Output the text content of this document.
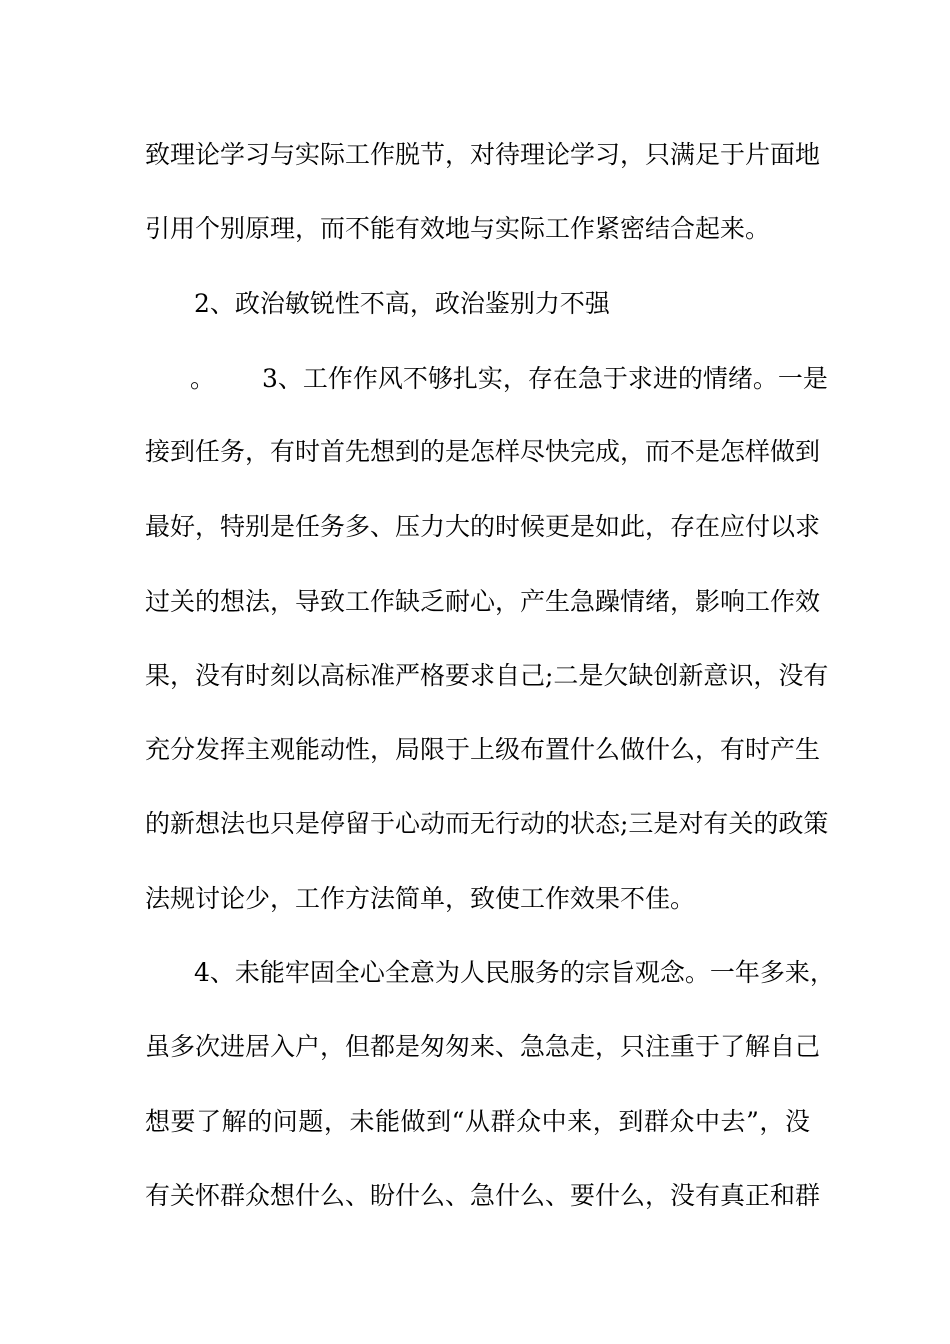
致理论学习与实际工作脱节，对待理论学习，只满足于片面地
引用个别原理，而不能有效地与实际工作紧密结合起来。
2、政治敏锐性不高，政治鉴别力不强
。	3、工作作风不够扎实，存在急于求进的情绪。一是
接到任务，有时首先想到的是怎样尽快完成，而不是怎样做到
最好，特别是任务多、压力大的时候更是如此，存在应付以求
过关的想法，导致工作缺乏耐心，产生急躁情绪，影响工作效
果，没有时刻以高标准严格要求自己;二是欠缺创新意识，没有
充分发挥主观能动性，局限于上级布置什么做什么，有时产生
的新想法也只是停留于心动而无行动的状态;三是对有关的政策
法规讨论少，工作方法简单，致使工作效果不佳。
4、未能牢固全心全意为人民服务的宗旨观念。一年多来，
虽多次进居入户，但都是匆匆来、急急走，只注重于了解自己
想要了解的问题，未能做到“从群众中来，到群众中去”，没
有关怀群众想什么、盼什么、急什么、要什么，没有真正和群
